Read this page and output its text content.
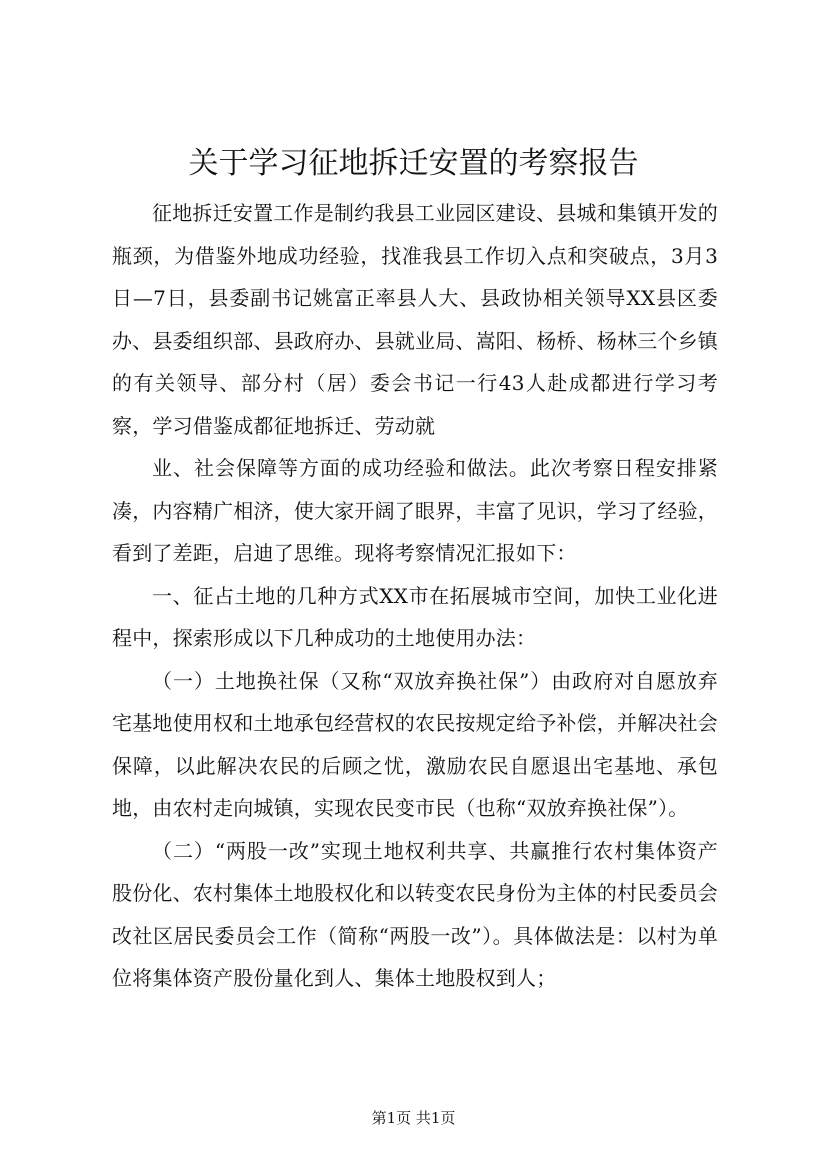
关于学习征地拆迁安置的考察报告

征地拆迁安置工作是制约我县工业园区建设、县城和集镇开发的瓶颈，为借鉴外地成功经验，找准我县工作切入点和突破点，3月3日—7日，县委副书记姚富正率县人大、县政协相关领导XX县区委办、县委组织部、县政府办、县就业局、嵩阳、杨桥、杨林三个乡镇的有关领导、部分村（居）委会书记一行43人赴成都进行学习考察，学习借鉴成都征地拆迁、劳动就

业、社会保障等方面的成功经验和做法。此次考察日程安排紧凑，内容精广相济，使大家开阔了眼界，丰富了见识，学习了经验，看到了差距，启迪了思维。现将考察情况汇报如下：

一、征占土地的几种方式XX市在拓展城市空间，加快工业化进程中，探索形成以下几种成功的土地使用办法：

（一）土地换社保（又称“双放弃换社保”）由政府对自愿放弃宅基地使用权和土地承包经营权的农民按规定给予补偿，并解决社会保障，以此解决农民的后顾之忧，激励农民自愿退出宅基地、承包地，由农村走向城镇，实现农民变市民（也称“双放弃换社保”）。

（二）“两股一改”实现土地权利共享、共赢推行农村集体资产股份化、农村集体土地股权化和以转变农民身份为主体的村民委员会改社区居民委员会工作（简称“两股一改”）。具体做法是：以村为单位将集体资产股份量化到人、集体土地股权到人；

第1页 共1页
